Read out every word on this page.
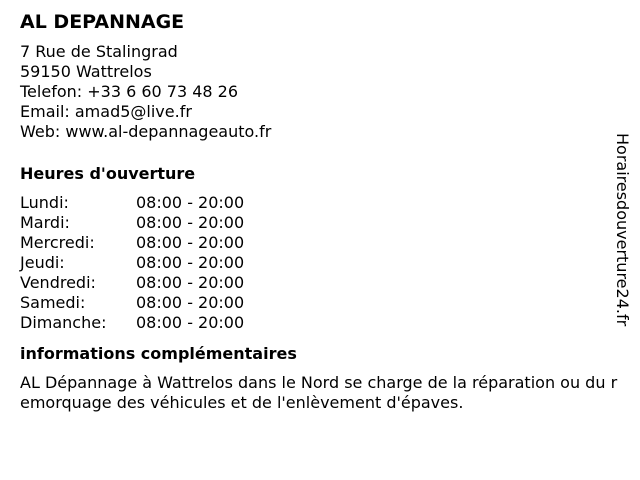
AL DEPANNAGE
7 Rue de Stalingrad
59150 Wattrelos
Telefon: +33 6 60 73 48 26
Email: amad5@live.fr
Web: www.al-depannageauto.fr
Heures d'ouverture
Lundi:	08:00 - 20:00
Mardi:	08:00 - 20:00
Mercredi:	08:00 - 20:00
Jeudi:	08:00 - 20:00
Vendredi:	08:00 - 20:00
Samedi:	08:00 - 20:00
Dimanche:	08:00 - 20:00
informations complémentaires
AL Dépannage à Wattrelos dans le Nord se charge de la réparation ou du remorquage des véhicules et de l'enlèvement d'épaves.
Horairesdouverture24.fr
